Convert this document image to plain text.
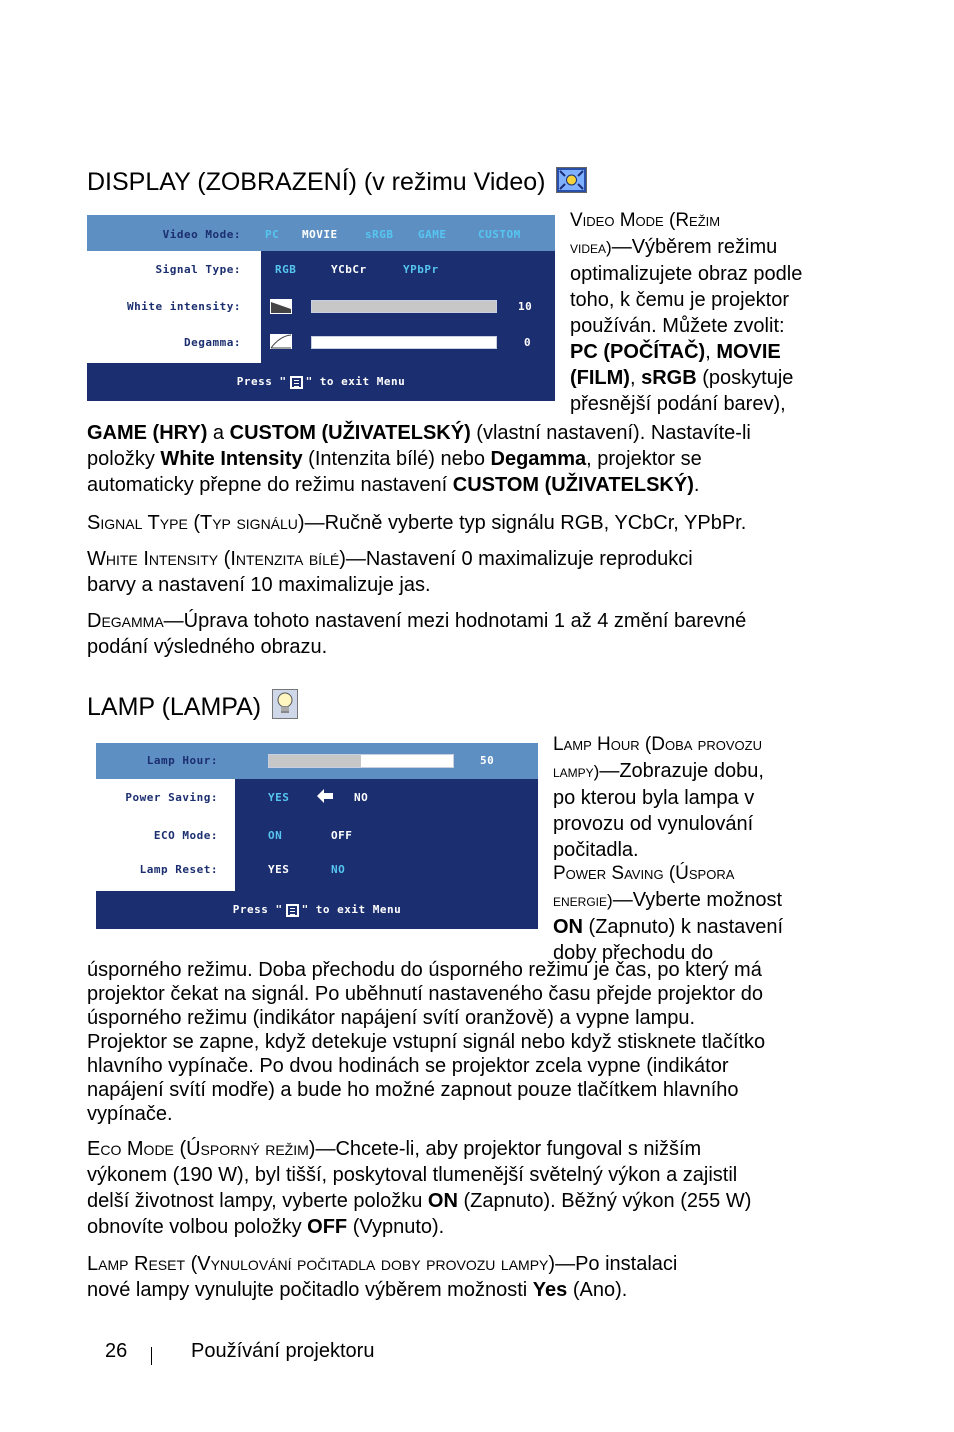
DISPLAY (ZOBRAZENÍ) (v režimu Video)
Video Mode: PC MOVIE sRGB GAME	CUSTOM
Signal Type:	RGB	YCbCr	YPbPr
White intensity:	10
Degamma:	0
Press " " to exit Menu
Video Mode (Režim
videa)—Výběrem režimu
optimalizujete obraz podle
toho, k čemu je projektor
používán. Můžete zvolit:
PC (POČÍTAČ), MOVIE
(FILM), sRGB (poskytuje
přesnější podání barev),
GAME (HRY) a CUSTOM (UŽIVATELSKÝ) (vlastní nastavení). Nastavíte-li
položky White Intensity (Intenzita bílé) nebo Degamma, projektor se
automaticky přepne do režimu nastavení CUSTOM (UŽIVATELSKÝ).
Signal Type (Typ signálu)—Ručně vyberte typ signálu RGB, YCbCr, YPbPr.
White Intensity (Intenzita bílé)—Nastavení 0 maximalizuje reprodukci
barvy a nastavení 10 maximalizuje jas.
Degamma—Úprava tohoto nastavení mezi hodnotami 1 až 4 změní barevné
podání výsledného obrazu.
LAMP (LAMPA)
Lamp Hour:	50
Power Saving:	YES	NO
ECO Mode:	ON	OFF
Lamp Reset:	YES	NO
Press " " to exit Menu
Lamp Hour (Doba provozu
lampy)—Zobrazuje dobu,
po kterou byla lampa v
provozu od vynulování
počitadla.
Power Saving (Úspora
energie)—Vyberte možnost
ON (Zapnuto) k nastavení
doby přechodu do
úsporného režimu. Doba přechodu do úsporného režimu je čas, po který má
projektor čekat na signál. Po uběhnutí nastaveného času přejde projektor do
úsporného režimu (indikátor napájení svítí oranžově) a vypne lampu.
Projektor se zapne, když detekuje vstupní signál nebo když stisknete tlačítko
hlavního vypínače. Po dvou hodinách se projektor zcela vypne (indikátor
napájení svítí modře) a bude ho možné zapnout pouze tlačítkem hlavního
vypínače.
Eco Mode (Úsporný režim)—Chcete-li, aby projektor fungoval s nižším
výkonem (190 W), byl tišší, poskytoval tlumenější světelný výkon a zajistil
delší životnost lampy, vyberte položku ON (Zapnuto). Běžný výkon (255 W)
obnovíte volbou položky OFF (Vypnuto).
Lamp Reset (Vynulování počitadla doby provozu lampy)—Po instalaci
nové lampy vynulujte počitadlo výběrem možnosti Yes (Ano).
26	Používání projektoru
